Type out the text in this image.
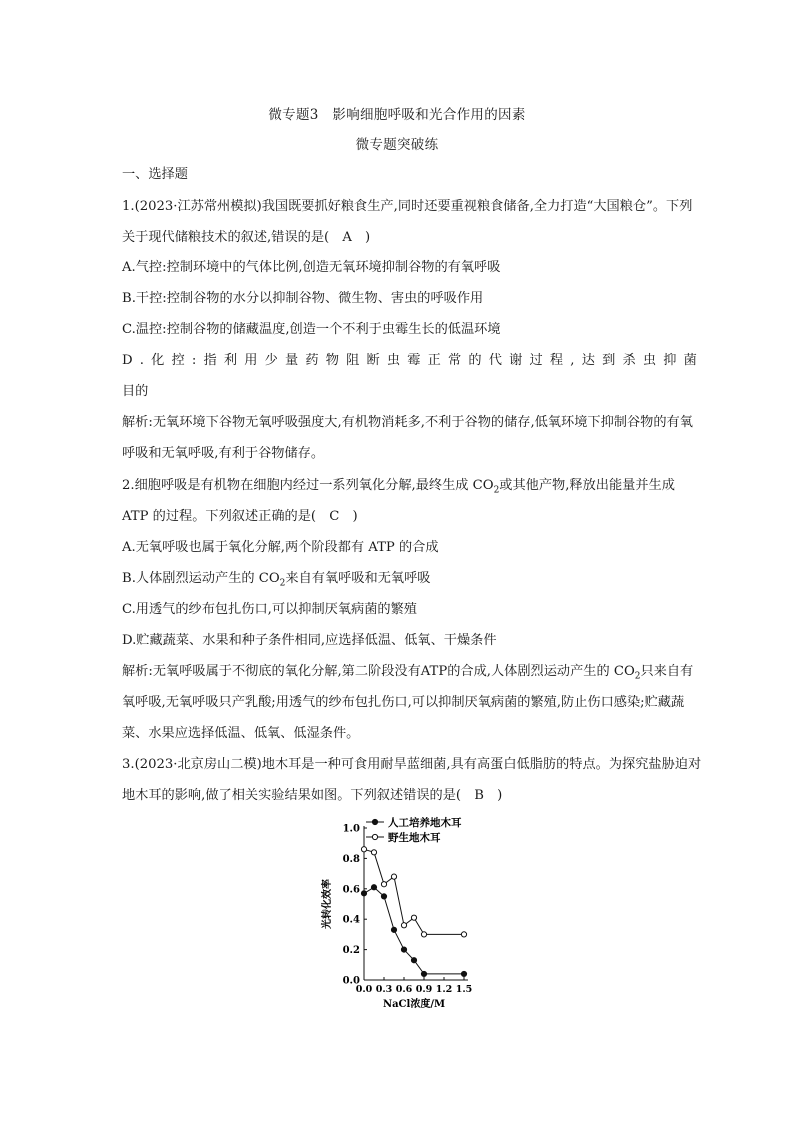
微专题3　影响细胞呼吸和光合作用的因素
微专题突破练
一、选择题
1.(2023·江苏常州模拟)我国既要抓好粮食生产,同时还要重视粮食储备,全力打造“大国粮仓”。下列
关于现代储粮技术的叙述,错误的是(　A　)
A.气控:控制环境中的气体比例,创造无氧环境抑制谷物的有氧呼吸
B.干控:控制谷物的水分以抑制谷物、微生物、害虫的呼吸作用
C.温控:控制谷物的储藏温度,创造一个不利于虫霉生长的低温环境
D . 化 控 : 指 利 用 少 量 药 物 阻 断 虫 霉 正 常 的 代 谢 过 程 , 达 到 杀 虫 抑 菌
目的
解析:无氧环境下谷物无氧呼吸强度大,有机物消耗多,不利于谷物的储存,低氧环境下抑制谷物的有氧
呼吸和无氧呼吸,有利于谷物储存。
2.细胞呼吸是有机物在细胞内经过一系列氧化分解,最终生成 $CO_2$或其他产物,释放出能量并生成
ATP 的过程。下列叙述正确的是(　C　)
A.无氧呼吸也属于氧化分解,两个阶段都有 ATP 的合成
B.人体剧烈运动产生的 $CO_2$来自有氧呼吸和无氧呼吸
C.用透气的纱布包扎伤口,可以抑制厌氧病菌的繁殖
D.贮藏蔬菜、水果和种子条件相同,应选择低温、低氧、干燥条件
解析:无氧呼吸属于不彻底的氧化分解,第二阶段没有ATP的合成,人体剧烈运动产生的 $CO_2$只来自有
氧呼吸,无氧呼吸只产乳酸;用透气的纱布包扎伤口,可以抑制厌氧病菌的繁殖,防止伤口感染;贮藏蔬
菜、水果应选择低温、低氧、低湿条件。
3.(2023·北京房山二模)地木耳是一种可食用耐旱蓝细菌,具有高蛋白低脂肪的特点。为探究盐胁迫对
地木耳的影响,做了相关实验结果如图。下列叙述错误的是(　B　)
0.0
0.2
0.4
0.6
0.8
1.0
0.0 0.3 0.6 0.9 1.2 1.5
人工培养地木耳
野生地木耳
光转化效率
NaCl浓度/M
